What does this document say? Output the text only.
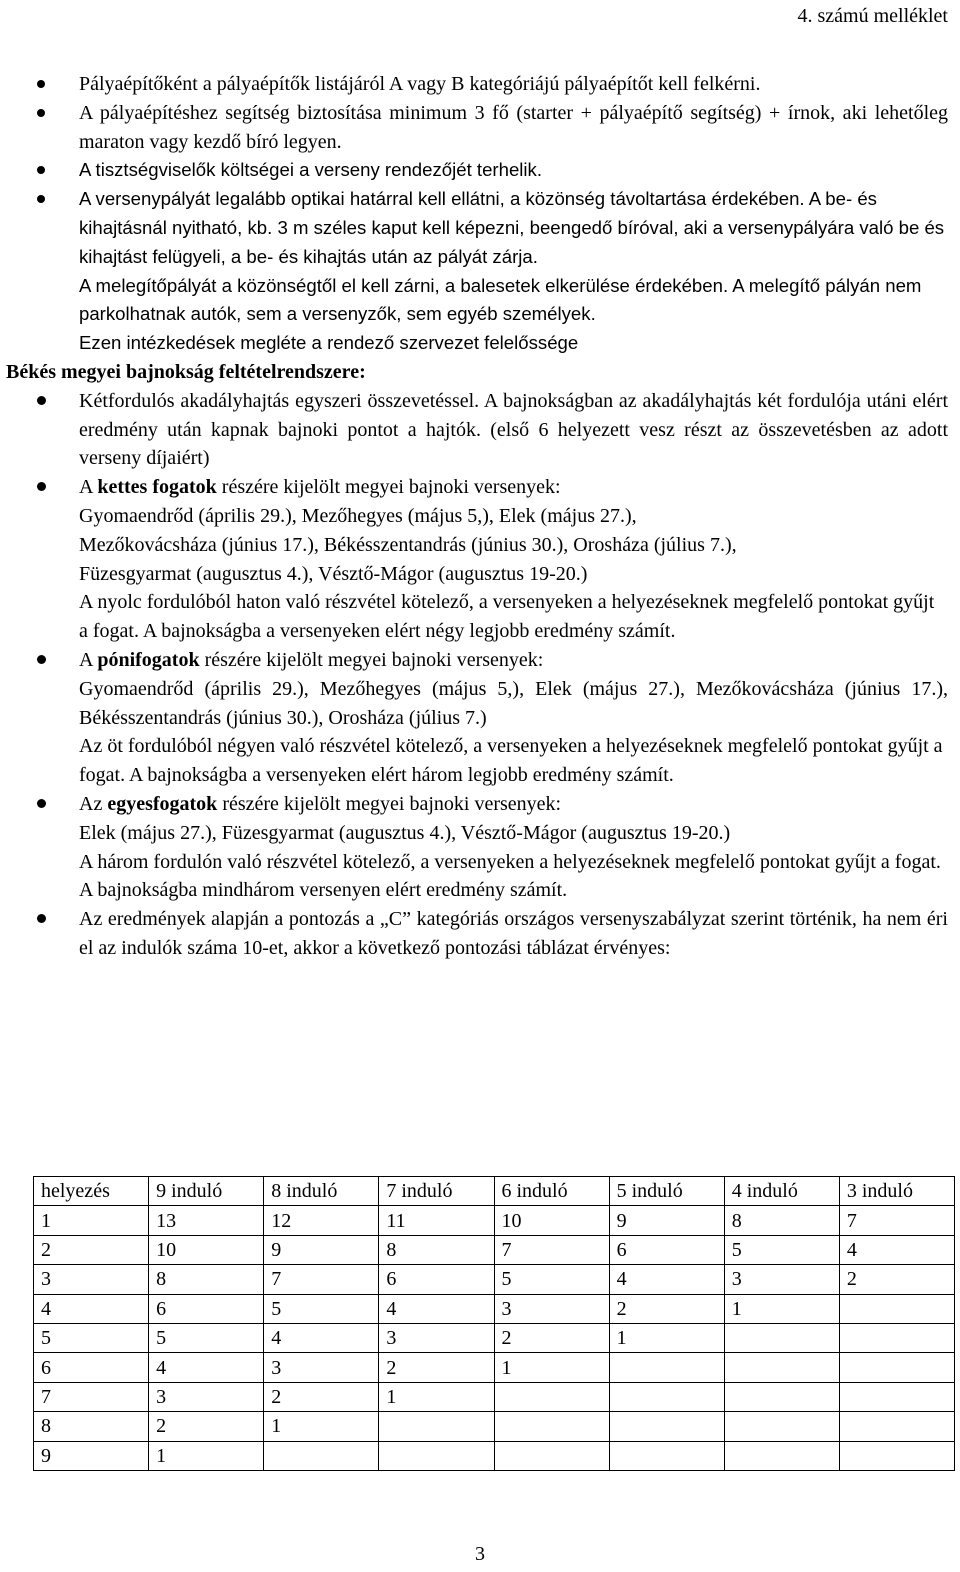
4. számú melléklet

Pályaépítőként a pályaépítők listájáról A vagy B kategóriájú pályaépítőt kell felkérni.

A pályaépítéshez segítség biztosítása minimum 3 fő (starter + pályaépítő segítség) + írnok, aki lehetőleg maraton vagy kezdő bíró legyen.

A tisztségviselők költségei a verseny rendezőjét terhelik.

A versenypályát legalább optikai határral kell ellátni, a közönség távoltartása érdekében. A be- és kihajtásnál nyitható, kb. 3 m széles kaput kell képezni, beengedő bíróval, aki a versenypályára való be és kihajtást felügyeli, a be- és kihajtás után az pályát zárja.

A melegítőpályát a közönségtől el kell zárni, a balesetek elkerülése érdekében. A melegítő pályán nem parkolhatnak autók, sem a versenyzők, sem egyéb személyek.

Ezen intézkedések megléte a rendező szervezet felelőssége

Békés megyei bajnokság feltételrendszere:

Kétfordulós akadályhajtás egyszeri összevetéssel. A bajnokságban az akadályhajtás két fordulója utáni elért eredmény után kapnak bajnoki pontot a hajtók. (első 6 helyezett vesz részt az összevetésben az adott verseny díjaiért)

A kettes fogatok részére kijelölt megyei bajnoki versenyek:

Gyomaendrőd (április 29.), Mezőhegyes (május 5,), Elek (május 27.),

Mezőkovácsháza (június 17.), Békésszentandrás (június 30.), Orosháza (július 7.),

Füzesgyarmat (augusztus 4.), Vésztő-Mágor (augusztus 19-20.)

A nyolc fordulóból haton való részvétel kötelező, a versenyeken a helyezéseknek megfelelő pontokat gyűjt a fogat. A bajnokságba a versenyeken elért négy legjobb eredmény számít.

A pónifogatok részére kijelölt megyei bajnoki versenyek:

Gyomaendrőd (április 29.), Mezőhegyes (május 5,), Elek (május 27.), Mezőkovácsháza (június 17.), Békésszentandrás (június 30.), Orosháza (július 7.)

Az öt fordulóból négyen való részvétel kötelező, a versenyeken a helyezéseknek megfelelő pontokat gyűjt a fogat. A bajnokságba a versenyeken elért három legjobb eredmény számít.

Az egyesfogatok részére kijelölt megyei bajnoki versenyek:

Elek (május 27.), Füzesgyarmat (augusztus 4.), Vésztő-Mágor (augusztus 19-20.)

A három fordulón való részvétel kötelező, a versenyeken a helyezéseknek megfelelő pontokat gyűjt a fogat. A bajnokságba mindhárom versenyen elért eredmény számít.

Az eredmények alapján a pontozás a „C” kategóriás országos versenyszabályzat szerint történik, ha nem éri el az indulók száma 10-et, akkor a következő pontozási táblázat érvényes:

helyezés	9 induló	8 induló	7 induló	6 induló	5 induló	4 induló	3 induló
1	13	12	11	10	9	8	7
2	10	9	8	7	6	5	4
3	8	7	6	5	4	3	2
4	6	5	4	3	2	1	
5	5	4	3	2	1		
6	4	3	2	1			
7	3	2	1				
8	2	1					
9	1						
3
